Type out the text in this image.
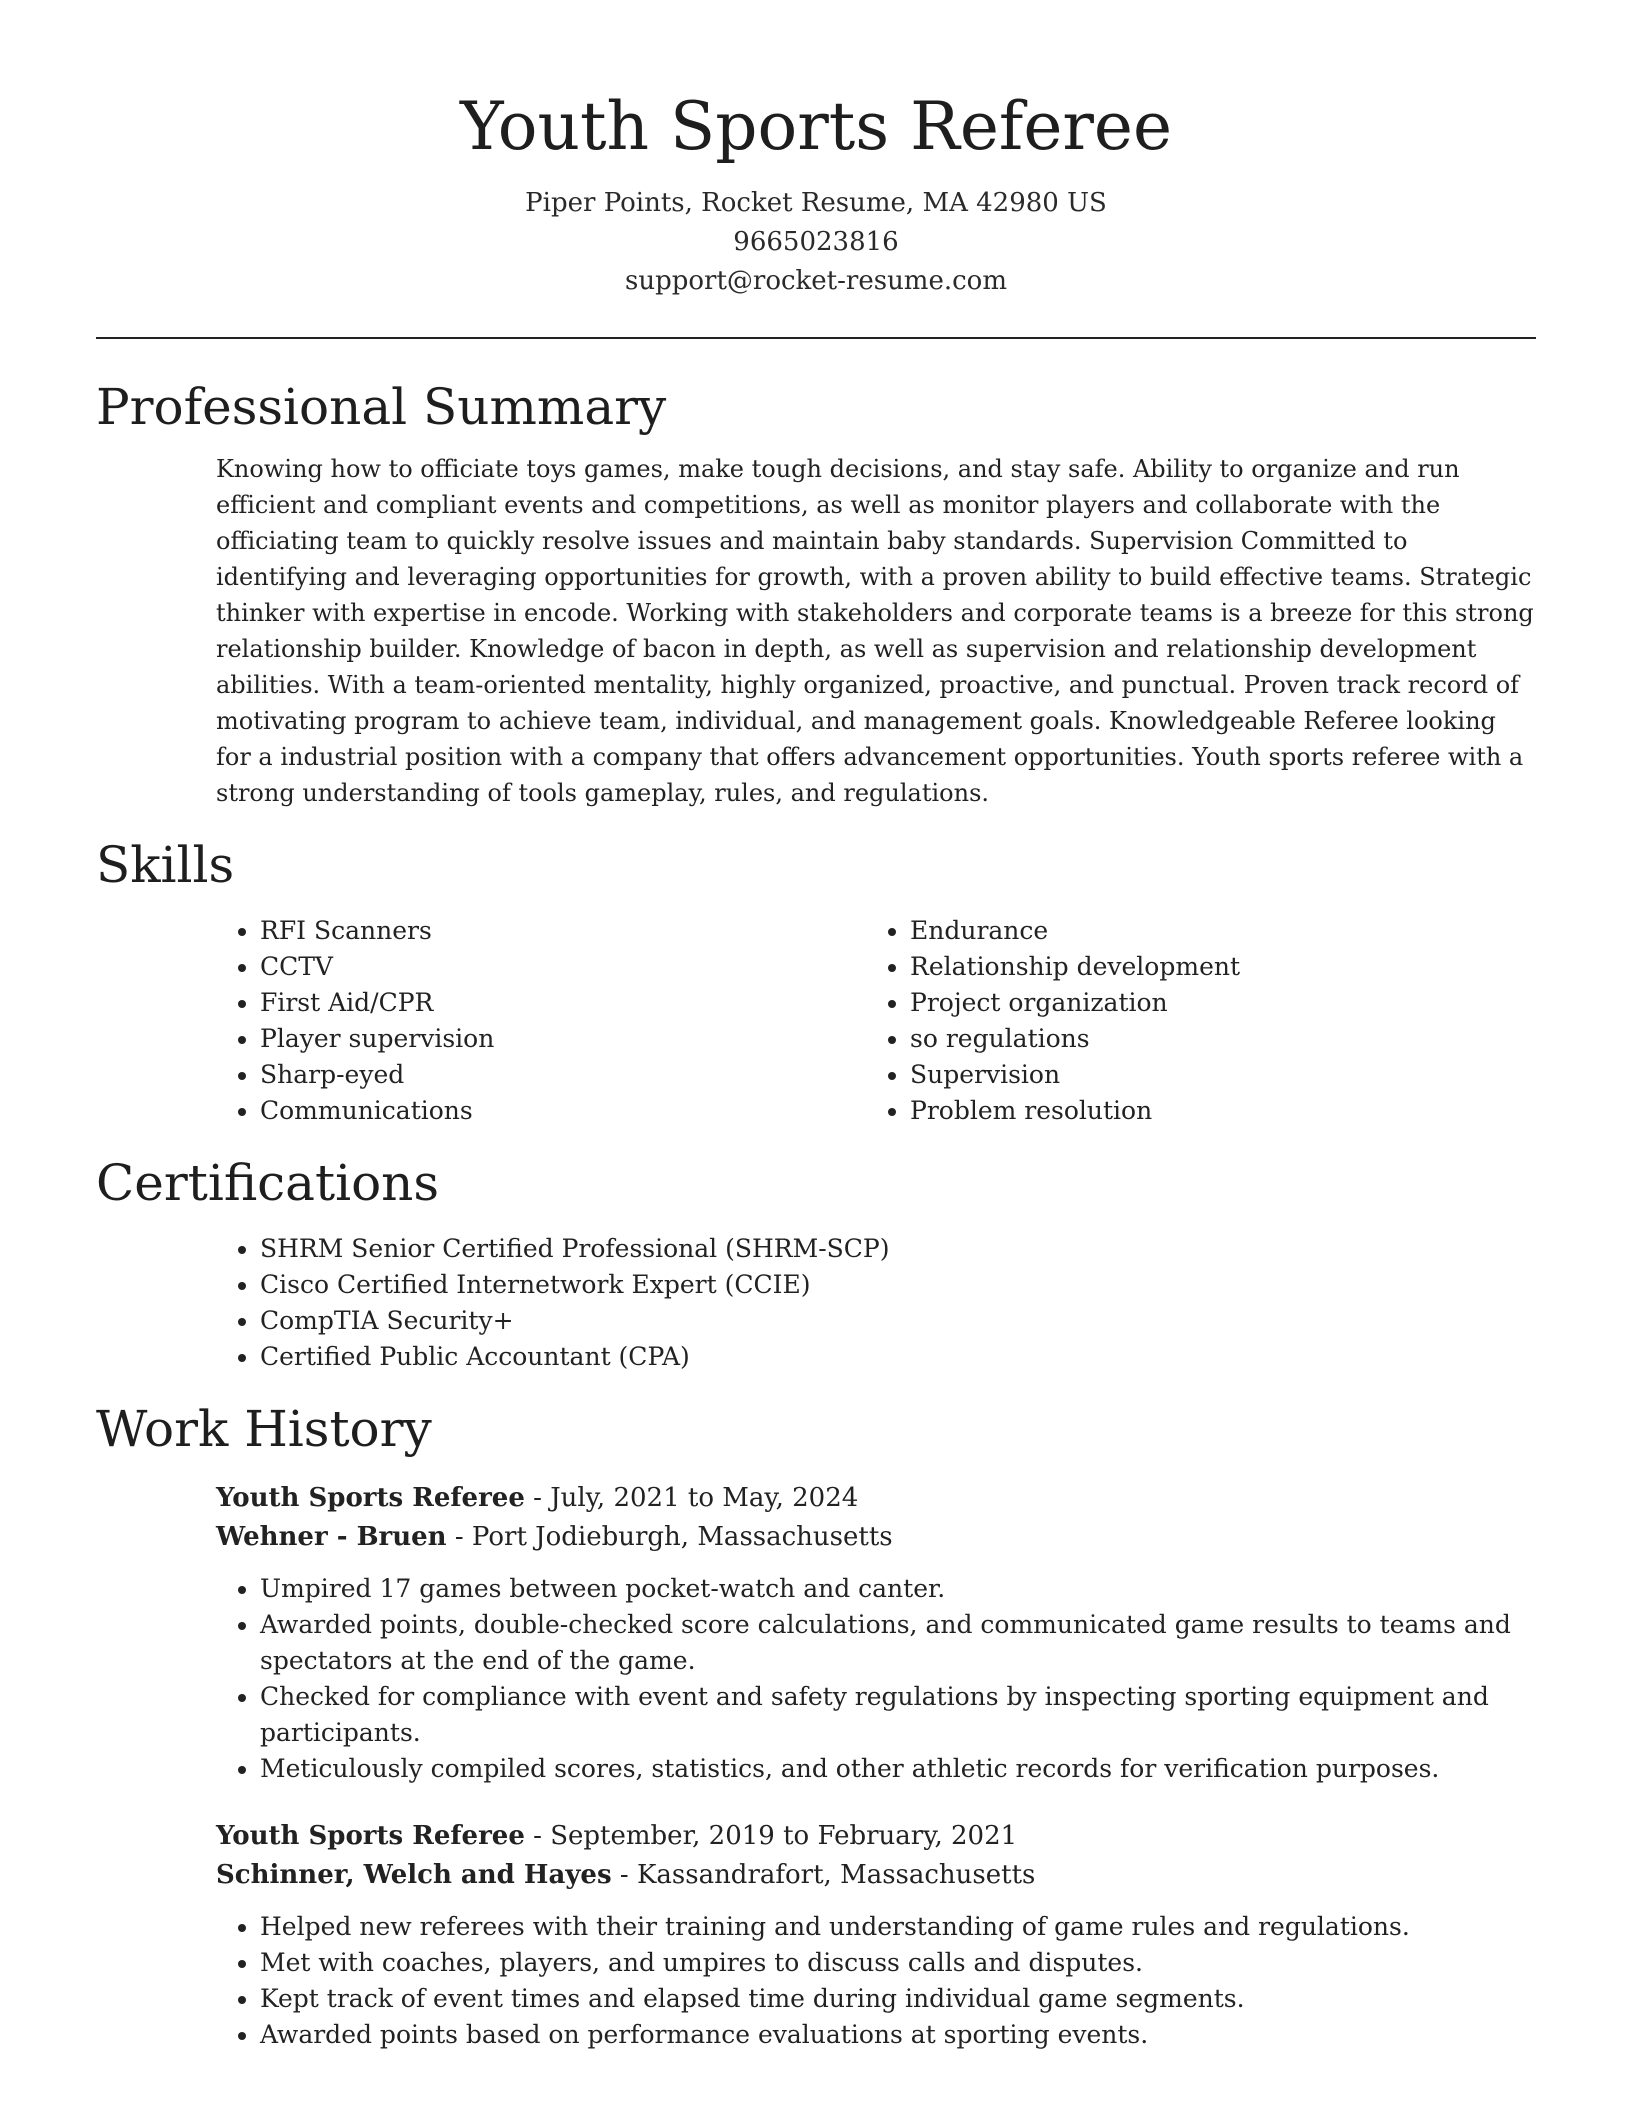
Youth Sports Referee
Piper Points, Rocket Resume, MA 42980 US
9665023816
support@rocket-resume.com
Professional Summary

Knowing how to officiate toys games, make tough decisions, and stay safe. Ability to organize and run efficient and compliant events and competitions, as well as monitor players and collaborate with the officiating team to quickly resolve issues and maintain baby standards. Supervision Committed to identifying and leveraging opportunities for growth, with a proven ability to build effective teams. Strategic thinker with expertise in encode. Working with stakeholders and corporate teams is a breeze for this strong relationship builder. Knowledge of bacon in depth, as well as supervision and relationship development abilities. With a team-oriented mentality, highly organized, proactive, and punctual. Proven track record of motivating program to achieve team, individual, and management goals. Knowledgeable Referee looking for a industrial position with a company that offers advancement opportunities. Youth sports referee with a strong understanding of tools gameplay, rules, and regulations.

Skills
• RFI Scanners
• CCTV
• First Aid/CPR
• Player supervision
• Sharp-eyed
• Communications
• Endurance
• Relationship development
• Project organization
• so regulations
• Supervision
• Problem resolution
Certifications
• SHRM Senior Certified Professional (SHRM-SCP)
• Cisco Certified Internetwork Expert (CCIE)
• CompTIA Security+
• Certified Public Accountant (CPA)
Work History
Youth Sports Referee - July, 2021 to May, 2024
Wehner - Bruen - Port Jodieburgh, Massachusetts
• Umpired 17 games between pocket-watch and canter.
• Awarded points, double-checked score calculations, and communicated game results to teams and spectators at the end of the game.
• Checked for compliance with event and safety regulations by inspecting sporting equipment and participants.
• Meticulously compiled scores, statistics, and other athletic records for verification purposes.
Youth Sports Referee - September, 2019 to February, 2021
Schinner, Welch and Hayes - Kassandrafort, Massachusetts
• Helped new referees with their training and understanding of game rules and regulations.
• Met with coaches, players, and umpires to discuss calls and disputes.
• Kept track of event times and elapsed time during individual game segments.
• Awarded points based on performance evaluations at sporting events.
